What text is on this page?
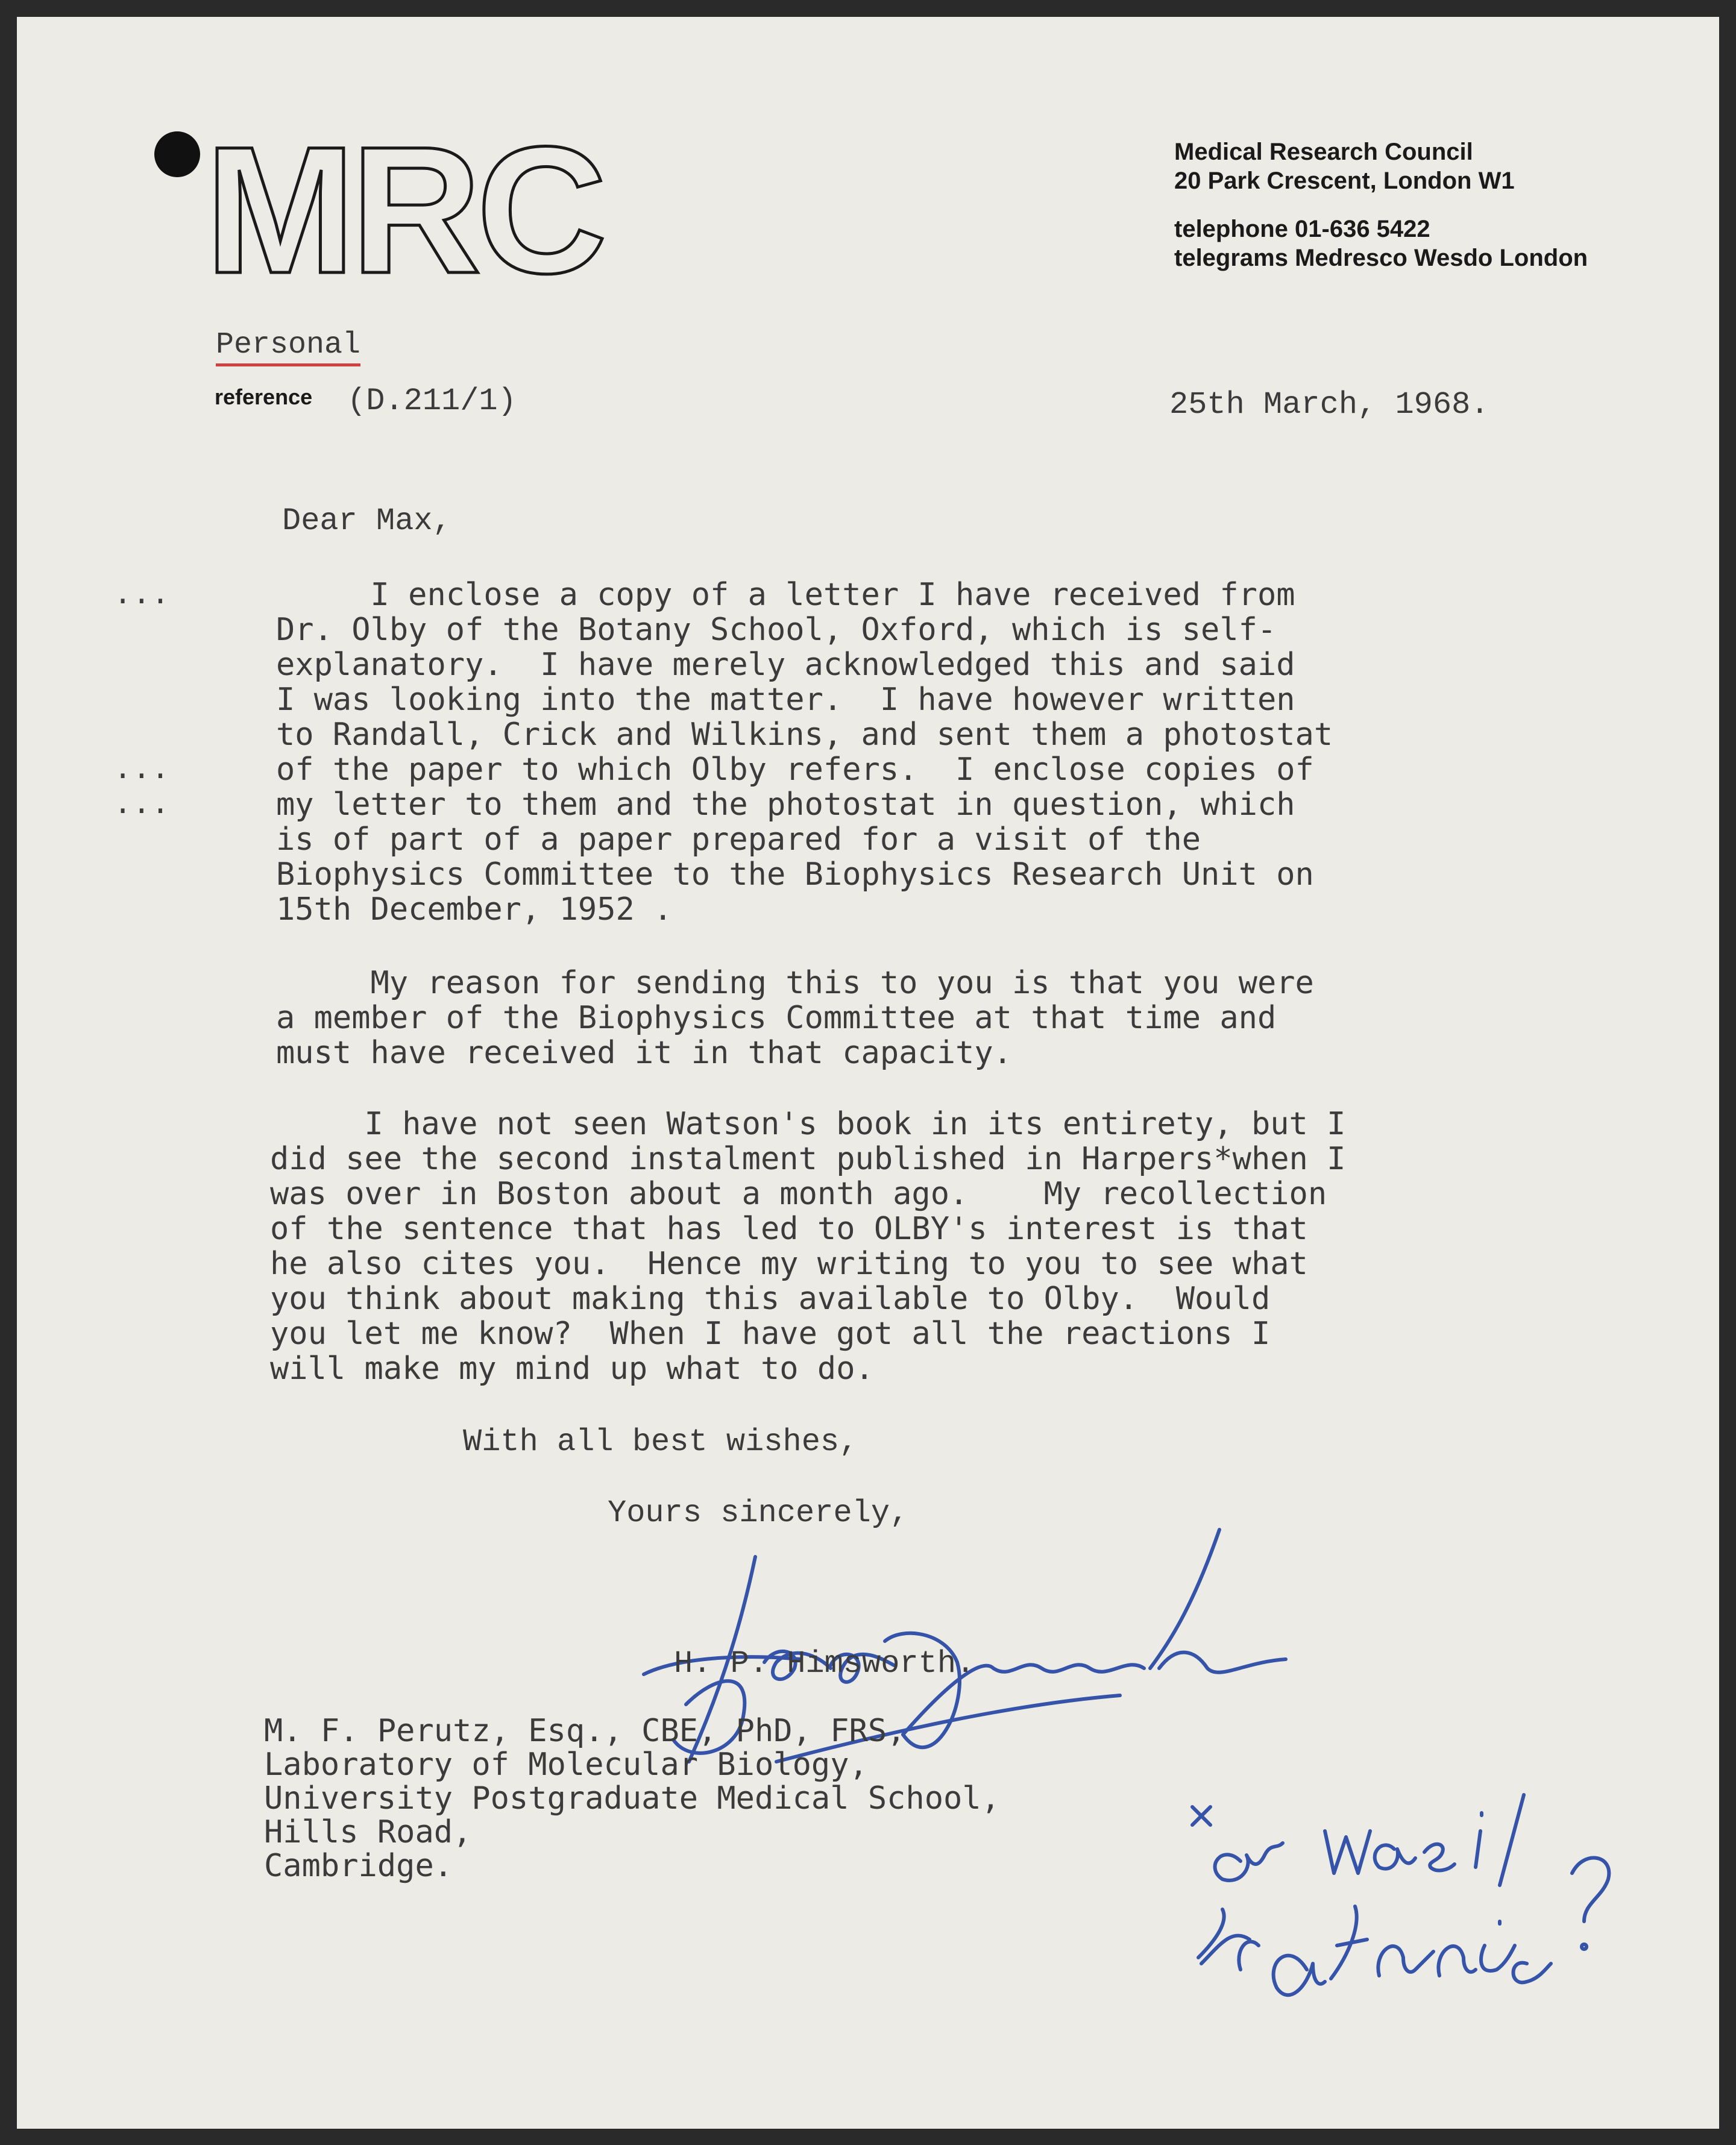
MRC	Medical Research Council
20 Park Crescent, London W1
telephone 01-636 5422
telegrams Medresco Wesdo London
Personal
reference (D.211/1)	25th March, 1968.
Dear Max,
...
...
...
I enclose a copy of a letter I have received from
Dr. Olby of the Botany School, Oxford, which is self-
explanatory.  I have merely acknowledged this and said
I was looking into the matter.  I have however written
to Randall, Crick and Wilkins, and sent them a photostat
of the paper to which Olby refers.  I enclose copies of
my letter to them and the photostat in question, which
is of part of a paper prepared for a visit of the
Biophysics Committee to the Biophysics Research Unit on
15th December, 1952 .
My reason for sending this to you is that you were
a member of the Biophysics Committee at that time and
must have received it in that capacity.
I have not seen Watson's book in its entirety, but I
did see the second instalment published in Harpers*when I
was over in Boston about a month ago.    My recollection
of the sentence that has led to OLBY's interest is that
he also cites you.  Hence my writing to you to see what
you think about making this available to Olby.  Would
you let me know?  When I have got all the reactions I
will make my mind up what to do.
With all best wishes,
Yours sincerely,
H. P. Himsworth.
M. F. Perutz, Esq., CBE, PhD, FRS,
Laboratory of Molecular Biology,
University Postgraduate Medical School,
Hills Road,
Cambridge.
